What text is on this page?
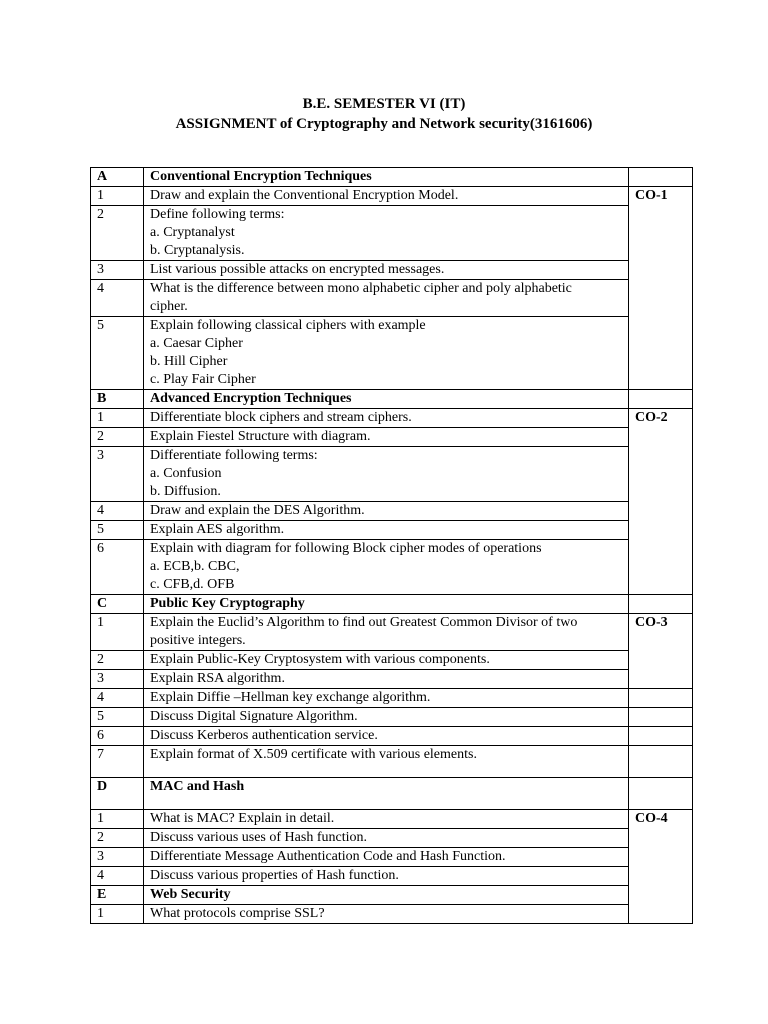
B.E. SEMESTER VI (IT)
ASSIGNMENT of Cryptography and Network security(3161606)
A	Conventional Encryption Techniques	
1	Draw and explain the Conventional Encryption Model.	CO-1
2	Define following terms:
a. Cryptanalyst
b. Cryptanalysis.	

3	List various possible attacks on encrypted messages.	

4	What is the difference between mono alphabetic cipher and poly alphabetic
cipher.	

5	Explain following classical ciphers with example
a. Caesar Cipher
b. Hill Cipher
c. Play Fair Cipher	

B	Advanced Encryption Techniques	
1	Differentiate block ciphers and stream ciphers.	CO-2
2	Explain Fiestel Structure with diagram.	

3	Differentiate following terms:
a. Confusion
b. Diffusion.	

4	Draw and explain the DES Algorithm.	

5	Explain AES algorithm.	

6	Explain with diagram for following Block cipher modes of operations
a. ECB,b. CBC,
c. CFB,d. OFB	

C	Public Key Cryptography	
1	Explain the Euclid’s Algorithm to find out Greatest Common Divisor of two
positive integers.	CO-3
2	Explain Public-Key Cryptosystem with various components.	

3	Explain RSA algorithm.	

4	Explain Diffie –Hellman key exchange algorithm.	

5	Discuss Digital Signature Algorithm.	

6	Discuss Kerberos authentication service.	

7	Explain format of X.509 certificate with various elements.	

D	MAC and Hash	
1	What is MAC? Explain in detail.	CO-4
2	Discuss various uses of Hash function.	

3	Differentiate Message Authentication Code and Hash Function.	

4	Discuss various properties of Hash function.	

E	Web Security	
1	What protocols comprise SSL?	
